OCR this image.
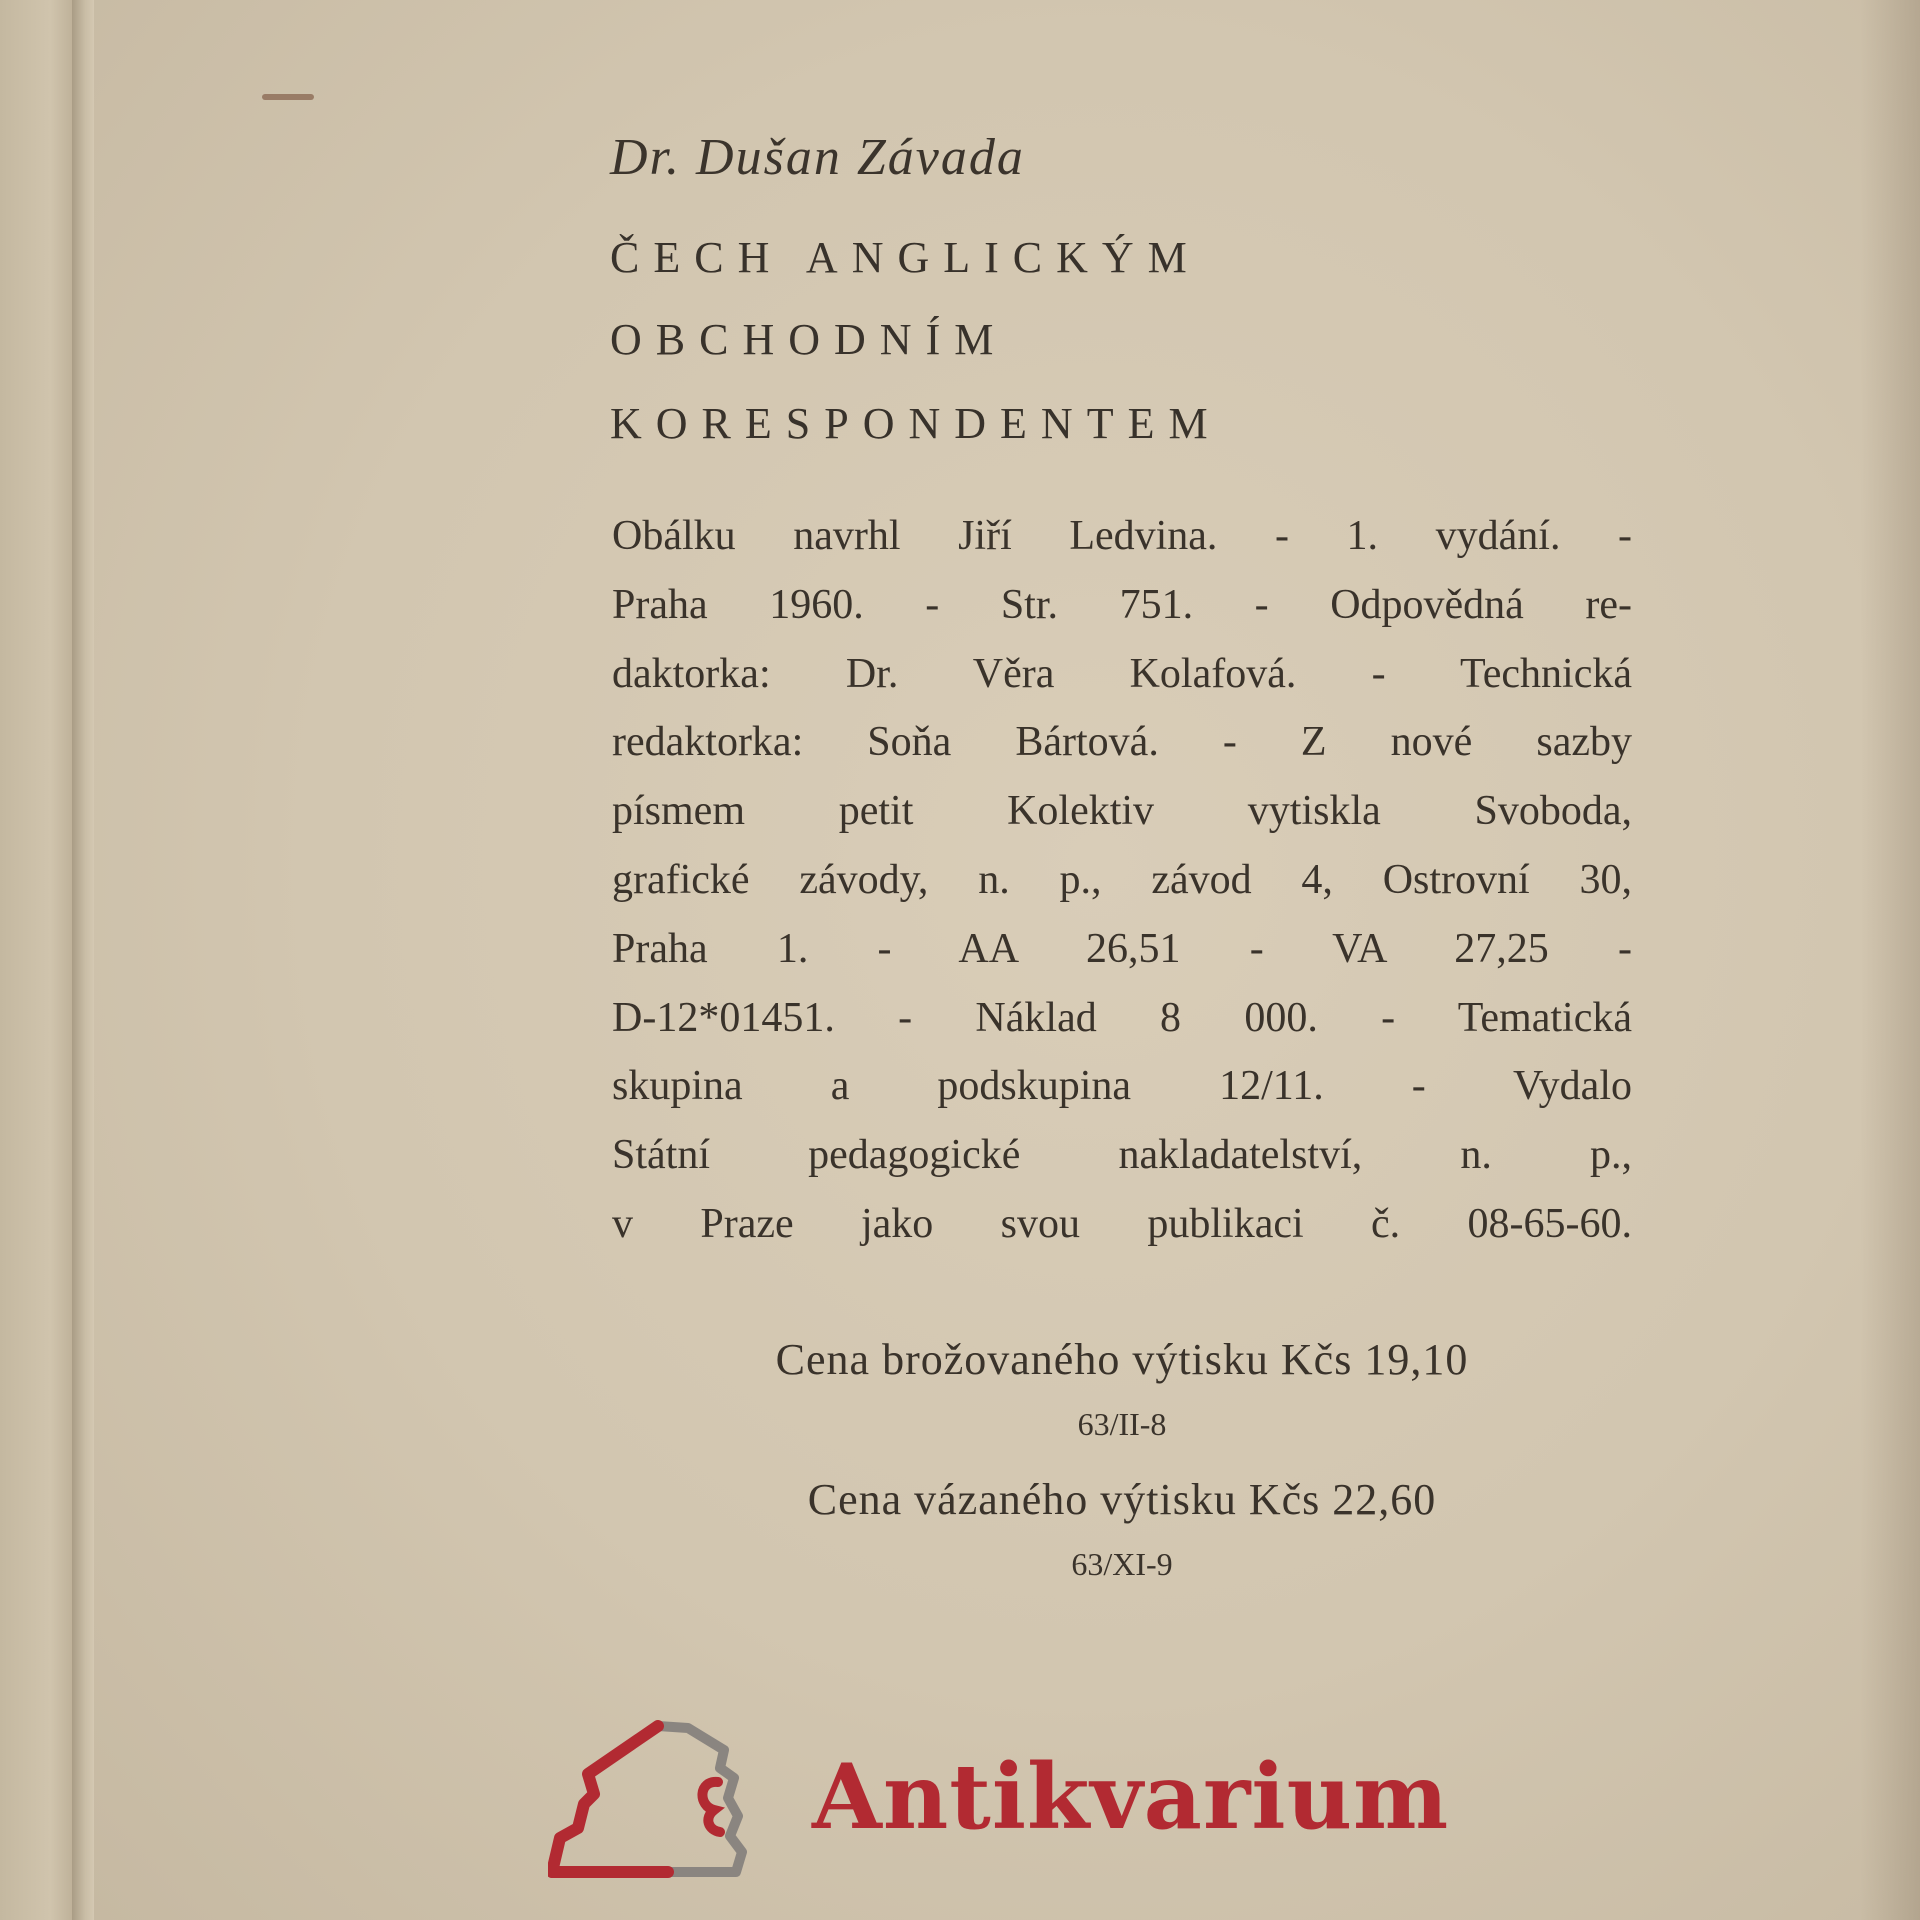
Dr. Dušan Závada
ČECH ANGLICKÝM
OBCHODNÍM
KORESPONDENTEM
Obálku navrhl Jiří Ledvina. - 1. vydání. -
Praha 1960. - Str. 751. - Odpovědná re-
daktorka: Dr. Věra Kolafová. - Technická
redaktorka: Soňa Bártová. - Z nové sazby
písmem petit Kolektiv vytiskla Svoboda,
grafické závody, n. p., závod 4, Ostrovní 30,
Praha 1. - AA 26,51 - VA 27,25 -
D-12*01451. - Náklad 8 000. - Tematická
skupina a podskupina 12/11. - Vydalo
Státní pedagogické nakladatelství, n. p.,
v Praze jako svou publikaci č. 08-65-60.
Cena brožovaného výtisku Kčs 19,10
63/II-8
Cena vázaného výtisku Kčs 22,60
63/XI-9
Antikvarium
